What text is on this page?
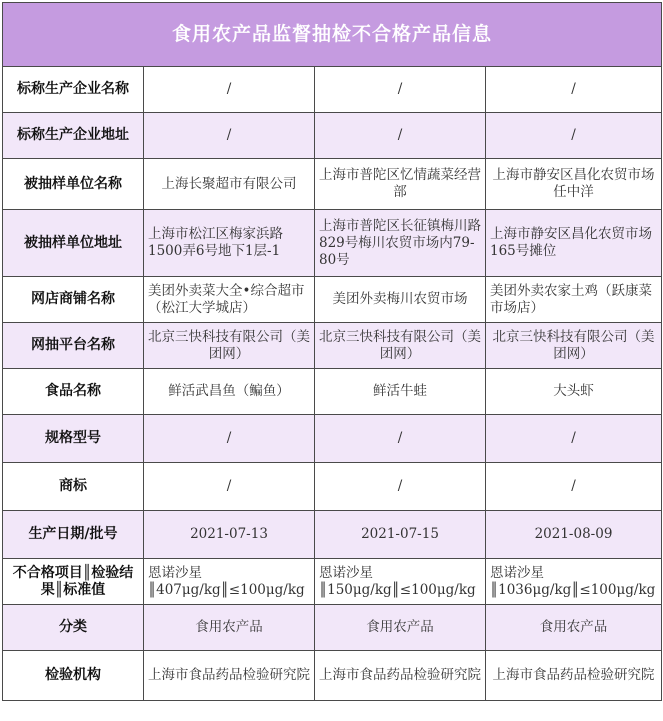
食用农产品监督抽检不合格产品信息			
标称生产企业名称	/	/	/
标称生产企业地址	/	/	/
被抽样单位名称	上海长聚超市有限公司	上海市普陀区忆情蔬菜经营部	上海市静安区昌化农贸市场任中洋
被抽样单位地址	上海市松江区梅家浜路1500弄6号地下1层-1	上海市普陀区长征镇梅川路829号梅川农贸市场内79-80号	上海市静安区昌化农贸市场165号摊位
网店商铺名称	美团外卖菜大全•综合超市（松江大学城店）	美团外卖梅川农贸市场	美团外卖农家土鸡（跃康菜市场店）
网抽平台名称	北京三快科技有限公司（美团网）	北京三快科技有限公司（美团网）	北京三快科技有限公司（美团网）
食品名称	鲜活武昌鱼（鳊鱼）	鲜活牛蛙	大头虾
规格型号	/	/	/
商标	/	/	/
生产日期/批号	2021-07-13	2021-07-15	2021-08-09
不合格项目║检验结果║标准值	恩诺沙星║407μg/kg║≤100μg/kg	恩诺沙星║150μg/kg║≤100μg/kg	恩诺沙星║1036μg/kg║≤100μg/kg
分类	食用农产品	食用农产品	食用农产品
检验机构	上海市食品药品检验研究院	上海市食品药品检验研究院	上海市食品药品检验研究院
